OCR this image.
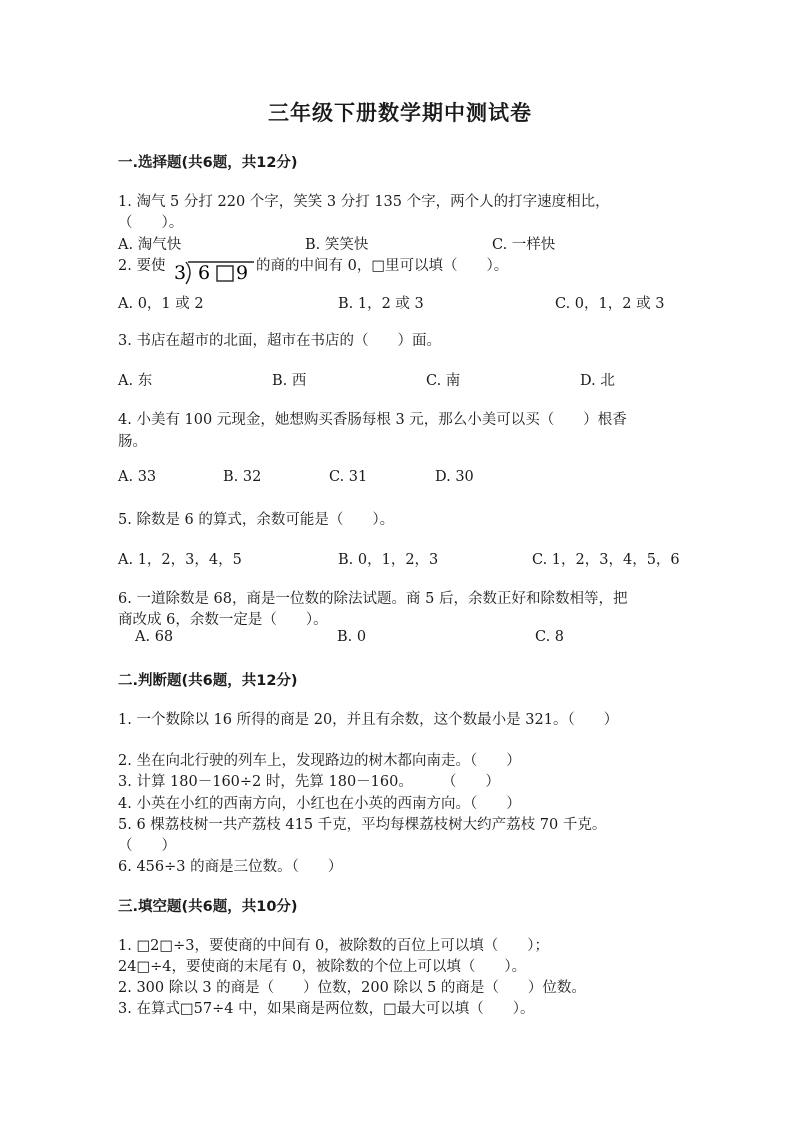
三年级下册数学期中测试卷
一.选择题(共6题，共12分)
1. 淘气 5 分打 220 个字，笑笑 3 分打 135 个字，两个人的打字速度相比，
（　　）。
A. 淘气快	B. 笑笑快	C. 一样快
2. 要使 3 6 9 的商的中间有 0，□里可以填（　　）。
A. 0，1 或 2	B. 1，2 或 3	C. 0，1，2 或 3
3. 书店在超市的北面，超市在书店的（　　）面。
A. 东	B. 西	C. 南	D. 北
4. 小美有 100 元现金，她想购买香肠每根 3 元，那么小美可以买（　　）根香
肠。
A. 33	B. 32	C. 31	D. 30
5. 除数是 6 的算式，余数可能是（　　）。
A. 1，2，3，4，5	B. 0，1，2，3	C. 1，2，3，4，5，6
6. 一道除数是 68，商是一位数的除法试题。商 5 后，余数正好和除数相等，把
商改成 6，余数一定是（　　）。
A. 68	B. 0	C. 8
二.判断题(共6题，共12分)
1. 一个数除以 16 所得的商是 20，并且有余数，这个数最小是 321。（　　）
2. 坐在向北行驶的列车上，发现路边的树木都向南走。（　　）
3. 计算 180－160÷2 时，先算 180－160。　　　（　　）
4. 小英在小红的西南方向，小红也在小英的西南方向。（　　）
5. 6 棵荔枝树一共产荔枝 415 千克，平均每棵荔枝树大约产荔枝 70 千克。
（　　）
6. 456÷3 的商是三位数。（　　）
三.填空题(共6题，共10分)
1. □2□÷3，要使商的中间有 0，被除数的百位上可以填（　　）；
24□÷4，要使商的末尾有 0，被除数的个位上可以填（　　）。
2. 300 除以 3 的商是（　　）位数，200 除以 5 的商是（　　）位数。
3. 在算式□57÷4 中，如果商是两位数，□最大可以填（　　）。
